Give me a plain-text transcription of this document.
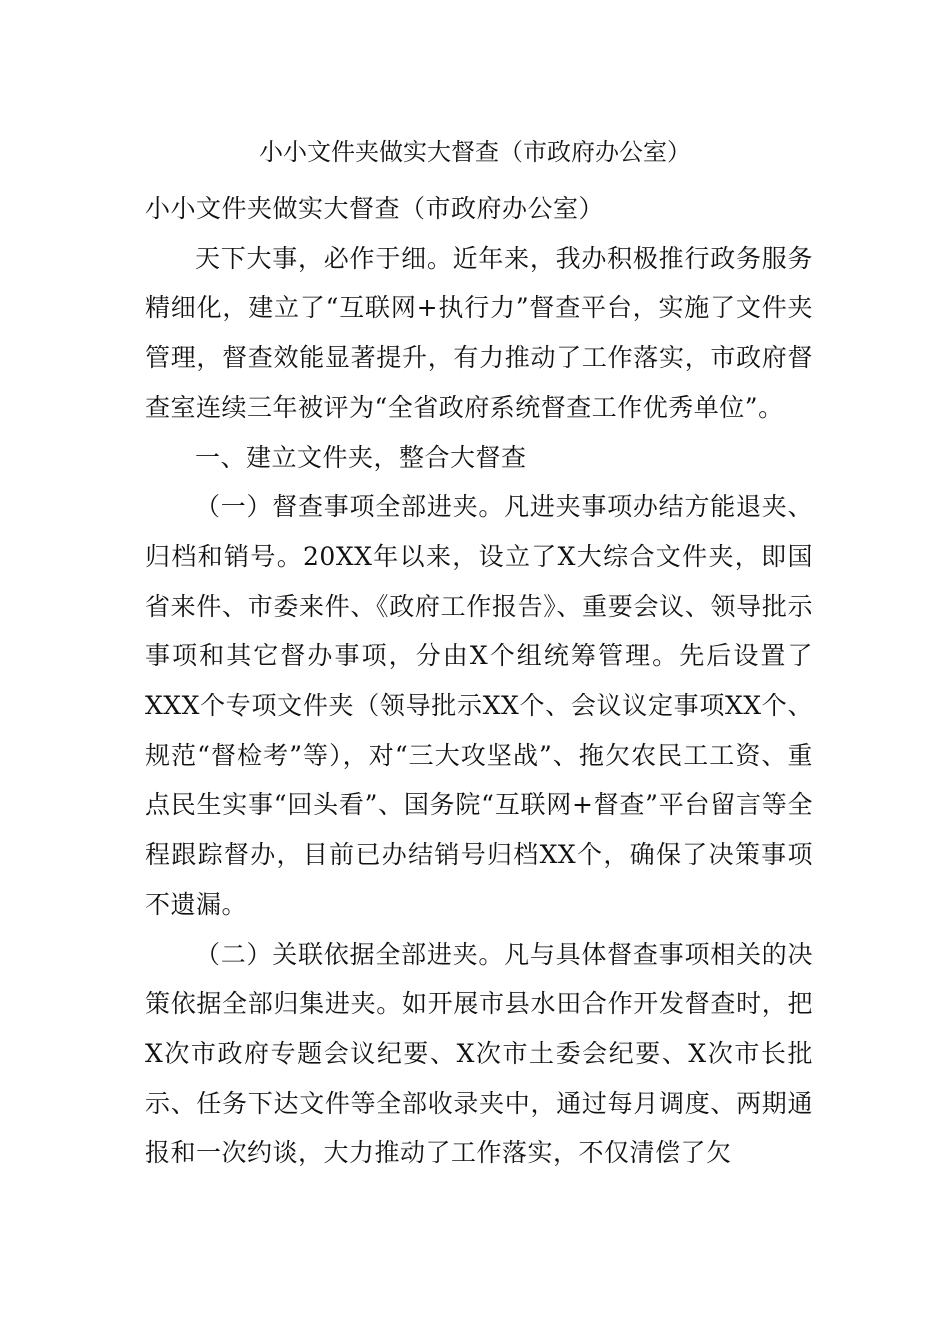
小小文件夹做实大督查（市政府办公室）

小小文件夹做实大督查（市政府办公室）

天下大事，必作于细。近年来，我办积极推行政务服务精细化，建立了“互联网+执行力”督查平台，实施了文件夹管理，督查效能显著提升，有力推动了工作落实，市政府督查室连续三年被评为“全省政府系统督查工作优秀单位”。

一、建立文件夹，整合大督查

（一）督查事项全部进夹。凡进夹事项办结方能退夹、归档和销号。20XX年以来，设立了X大综合文件夹，即国省来件、市委来件、《政府工作报告》、重要会议、领导批示事项和其它督办事项，分由X个组统筹管理。先后设置了XXX个专项文件夹（领导批示XX个、会议议定事项XX个、规范“督检考”等），对“三大攻坚战”、拖欠农民工工资、重点民生实事“回头看”、国务院“互联网+督查”平台留言等全程跟踪督办，目前已办结销号归档XX个，确保了决策事项不遗漏。

（二）关联依据全部进夹。凡与具体督查事项相关的决策依据全部归集进夹。如开展市县水田合作开发督查时，把X次市政府专题会议纪要、X次市土委会纪要、X次市长批示、任务下达文件等全部收录夹中，通过每月调度、两期通报和一次约谈，大力推动了工作落实，不仅清偿了欠
